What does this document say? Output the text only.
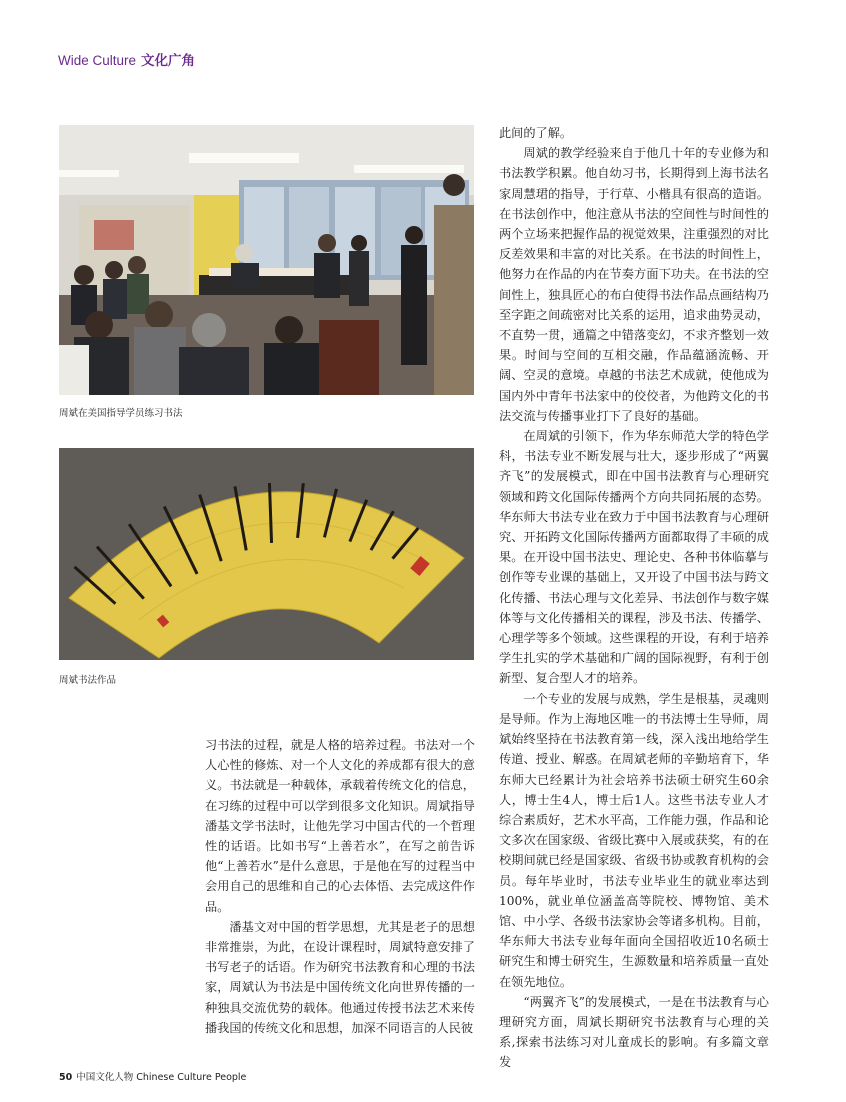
Wide Culture 文化广角
周斌在美国指导学员练习书法
周斌书法作品

此间的了解。

周斌的教学经验来自于他几十年的专业修为和书法教学积累。他自幼习书，长期得到上海书法名家周慧珺的指导，于行草、小楷具有很高的造诣。在书法创作中，他注意从书法的空间性与时间性的两个立场来把握作品的视觉效果，注重强烈的对比反差效果和丰富的对比关系。在书法的时间性上，他努力在作品的内在节奏方面下功夫。在书法的空间性上，独具匠心的布白使得书法作品点画结构乃至字距之间疏密对比关系的运用，追求曲势灵动，不直势一贯，通篇之中错落变幻，不求齐整划一效果。时间与空间的互相交融，作品蕴涵流畅、开阔、空灵的意境。卓越的书法艺术成就，使他成为国内外中青年书法家中的佼佼者，为他跨文化的书法交流与传播事业打下了良好的基础。

在周斌的引领下，作为华东师范大学的特色学科，书法专业不断发展与壮大，逐步形成了“两翼齐飞”的发展模式，即在中国书法教育与心理研究领域和跨文化国际传播两个方向共同拓展的态势。华东师大书法专业在致力于中国书法教育与心理研究、开拓跨文化国际传播两方面都取得了丰硕的成果。在开设中国书法史、理论史、各种书体临摹与创作等专业课的基础上，又开设了中国书法与跨文化传播、书法心理与文化差异、书法创作与数字媒体等与文化传播相关的课程，涉及书法、传播学、心理学等多个领域。这些课程的开设，有利于培养学生扎实的学术基础和广阔的国际视野，有利于创新型、复合型人才的培养。

一个专业的发展与成熟，学生是根基，灵魂则是导师。作为上海地区唯一的书法博士生导师，周斌始终坚持在书法教育第一线，深入浅出地给学生传道、授业、解惑。在周斌老师的辛勤培育下，华东师大已经累计为社会培养书法硕士研究生60余人，博士生4人，博士后1人。这些书法专业人才综合素质好，艺术水平高，工作能力强，作品和论文多次在国家级、省级比赛中入展或获奖，有的在校期间就已经是国家级、省级书协或教育机构的会员。每年毕业时，书法专业毕业生的就业率达到100%，就业单位涵盖高等院校、博物馆、美术馆、中小学、各级书法家协会等诸多机构。目前，华东师大书法专业每年面向全国招收近10名硕士研究生和博士研究生，生源数量和培养质量一直处在领先地位。

“两翼齐飞”的发展模式，一是在书法教育与心理研究方面，周斌长期研究书法教育与心理的关系,探索书法练习对儿童成长的影响。有多篇文章发

习书法的过程，就是人格的培养过程。书法对一个人心性的修炼、对一个人文化的养成都有很大的意义。书法就是一种载体，承载着传统文化的信息，在习练的过程中可以学到很多文化知识。周斌指导潘基文学书法时，让他先学习中国古代的一个哲理性的话语。比如书写“上善若水”，在写之前告诉他“上善若水”是什么意思，于是他在写的过程当中会用自己的思维和自己的心去体悟、去完成这件作品。

潘基文对中国的哲学思想，尤其是老子的思想非常推崇，为此，在设计课程时，周斌特意安排了书写老子的话语。作为研究书法教育和心理的书法家，周斌认为书法是中国传统文化向世界传播的一种独具交流优势的载体。他通过传授书法艺术来传播我国的传统文化和思想，加深不同语言的人民彼

50 中国文化人物 Chinese Culture People
